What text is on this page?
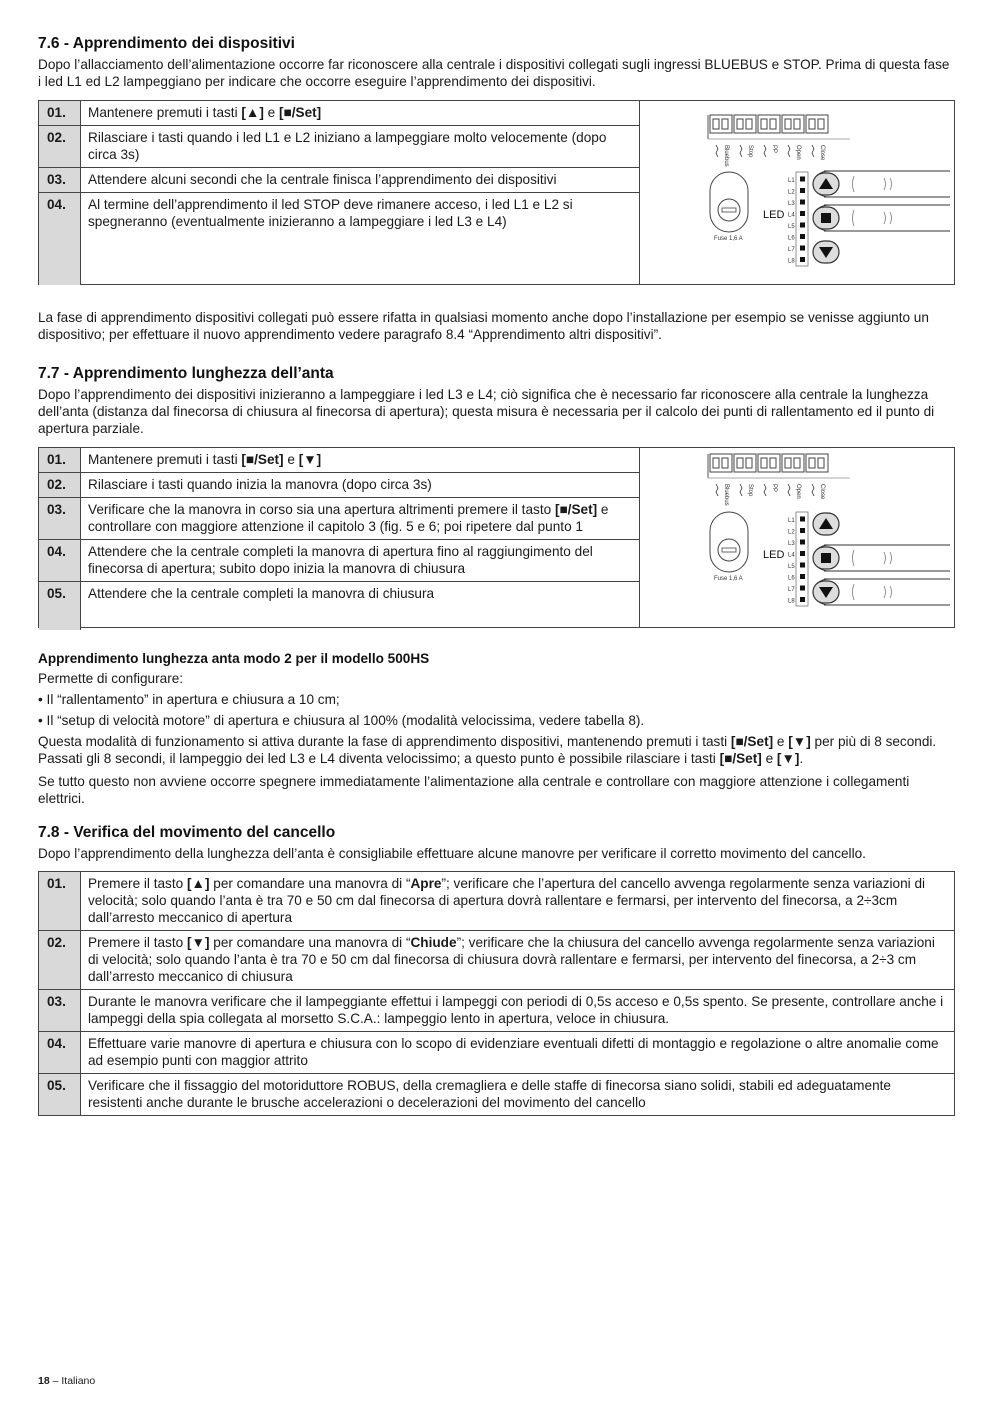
7.6 - Apprendimento dei dispositivi

Dopo l’allacciamento dell’alimentazione occorre far riconoscere alla centrale i dispositivi collegati sugli ingressi BLUEBUS e STOP. Prima di questa fase i led L1 ed L2 lampeggiano per indicare che occorre eseguire l’apprendimento dei dispositivi.

01.	Mantenere premuti i tasti [▲] e [■/Set]
02.	Rilasciare i tasti quando i led L1 e L2 iniziano a lampeggiare molto velocemente (dopo circa 3s)
03.	Attendere alcuni secondi che la centrale finisca l’apprendimento dei dispositivi
04.	Al termine dell’apprendimento il led STOP deve rimanere acceso, i led L1 e L2 si spegneranno (eventualmente inizieranno a lampeggiare i led L3 e L4)
Bluebus	Stop	PP	Open	Close
Fuse 1,6 A
LED
L1
L2
L3
L4
L5
L6
L7
L8

La fase di apprendimento dispositivi collegati può essere rifatta in qualsiasi momento anche dopo l’installazione per esempio se venisse aggiunto un dispositivo; per effettuare il nuovo apprendimento vedere paragrafo 8.4 “Apprendimento altri dispositivi”.

7.7 - Apprendimento lunghezza dell’anta

Dopo l’apprendimento dei dispositivi inizieranno a lampeggiare i led L3 e L4; ciò significa che è necessario far riconoscere alla centrale la lunghezza dell’anta (distanza dal finecorsa di chiusura al finecorsa di apertura); questa misura è necessaria per il calcolo dei punti di rallentamento ed il punto di apertura parziale.

01.	Mantenere premuti i tasti [■/Set] e [▼]
02.	Rilasciare i tasti quando inizia la manovra (dopo circa 3s)
03.	Verificare che la manovra in corso sia una apertura altrimenti premere il tasto [■/Set] e controllare con maggiore attenzione il capitolo 3 (fig. 5 e 6; poi ripetere dal punto 1
04.	Attendere che la centrale completi la manovra di apertura fino al raggiungimento del finecorsa di apertura; subito dopo inizia la manovra di chiusura
05.	Attendere che la centrale completi la manovra di chiusura
Bluebus	Stop	PP	Open	Close
Fuse 1,6 A
LED
L1
L2
L3
L4
L5
L6
L7
L8
Apprendimento lunghezza anta modo 2 per il modello 500HS

Permette di configurare:

• Il “rallentamento” in apertura e chiusura a 10 cm;
• Il “setup di velocità motore” di apertura e chiusura al 100% (modalità velocissima, vedere tabella 8).

Questa modalità di funzionamento si attiva durante la fase di apprendimento dispositivi, mantenendo premuti i tasti [■/Set] e [▼] per più di 8 secondi. Passati gli 8 secondi, il lampeggio dei led L3 e L4 diventa velocissimo; a questo punto è possibile rilasciare i tasti [■/Set] e [▼].

Se tutto questo non avviene occorre spegnere immediatamente l’alimentazione alla centrale e controllare con maggiore attenzione i collegamenti elettrici.

7.8 - Verifica del movimento del cancello

Dopo l’apprendimento della lunghezza dell’anta è consigliabile effettuare alcune manovre per verificare il corretto movimento del cancello.

01.	Premere il tasto [▲] per comandare una manovra di “Apre”; verificare che l’apertura del cancello avvenga regolarmente senza variazioni di velocità; solo quando l’anta è tra 70 e 50 cm dal finecorsa di apertura dovrà rallentare e fermarsi, per intervento del finecorsa, a 2÷3cm dall’arresto meccanico di apertura
02.	Premere il tasto [▼] per comandare una manovra di “Chiude”; verificare che la chiusura del cancello avvenga regolarmente senza variazioni di velocità; solo quando l’anta è tra 70 e 50 cm dal finecorsa di chiusura dovrà rallentare e fermarsi, per intervento del finecorsa, a 2÷3 cm dall’arresto meccanico di chiusura
03.	Durante le manovra verificare che il lampeggiante effettui i lampeggi con periodi di 0,5s acceso e 0,5s spento. Se presente, controllare anche i lampeggi della spia collegata al morsetto S.C.A.: lampeggio lento in apertura, veloce in chiusura.
04.	Effettuare varie manovre di apertura e chiusura con lo scopo di evidenziare eventuali difetti di montaggio e regolazione o altre anomalie come ad esempio punti con maggior attrito
05.	Verificare che il fissaggio del motoriduttore ROBUS, della cremagliera e delle staffe di finecorsa siano solidi, stabili ed adeguatamente resistenti anche durante le brusche accelerazioni o decelerazioni del movimento del cancello
18 – Italiano
